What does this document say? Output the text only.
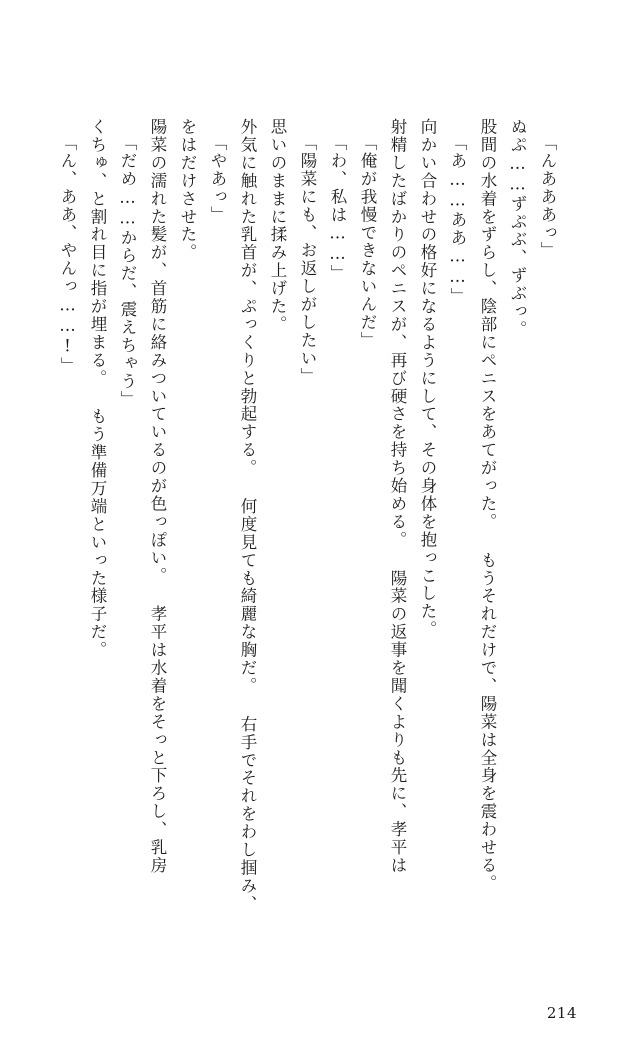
「ん、ああ、やんっ……!」 くちゅ、と割れ目に指が埋まる。 もう準備万端といった様子だ。 「だめ……からだ、震えちゃう」 陽菜の濡れた髪が、首筋に絡みついているのが色っぽい。 孝平は水着をそっと下ろし、乳房 をはだけさせた。 「やあっ」 外気に触れた乳首が、ぷっくりと勃起する。 何度見ても綺麗な胸だ。 右手でそれをわし掴み、 思いのままに揉み上げた。 「陽菜にも、お返しがしたい」 「わ、私は……」 「俺が我慢できないんだ」 射精したばかりのペニスが、再び硬さを持ち始める。 陽菜の返事を聞くよりも先に、孝平は 向かい合わせの格好になるようにして、その身体を抱っこした。 「あ……ああ……」 股間の水着をずらし、陰部にペニスをあてがった。 もうそれだけで、陽菜は全身を震わせる。 ぬぷ……ずぷぶ、ずぶっ。 「んあああっ」
214
